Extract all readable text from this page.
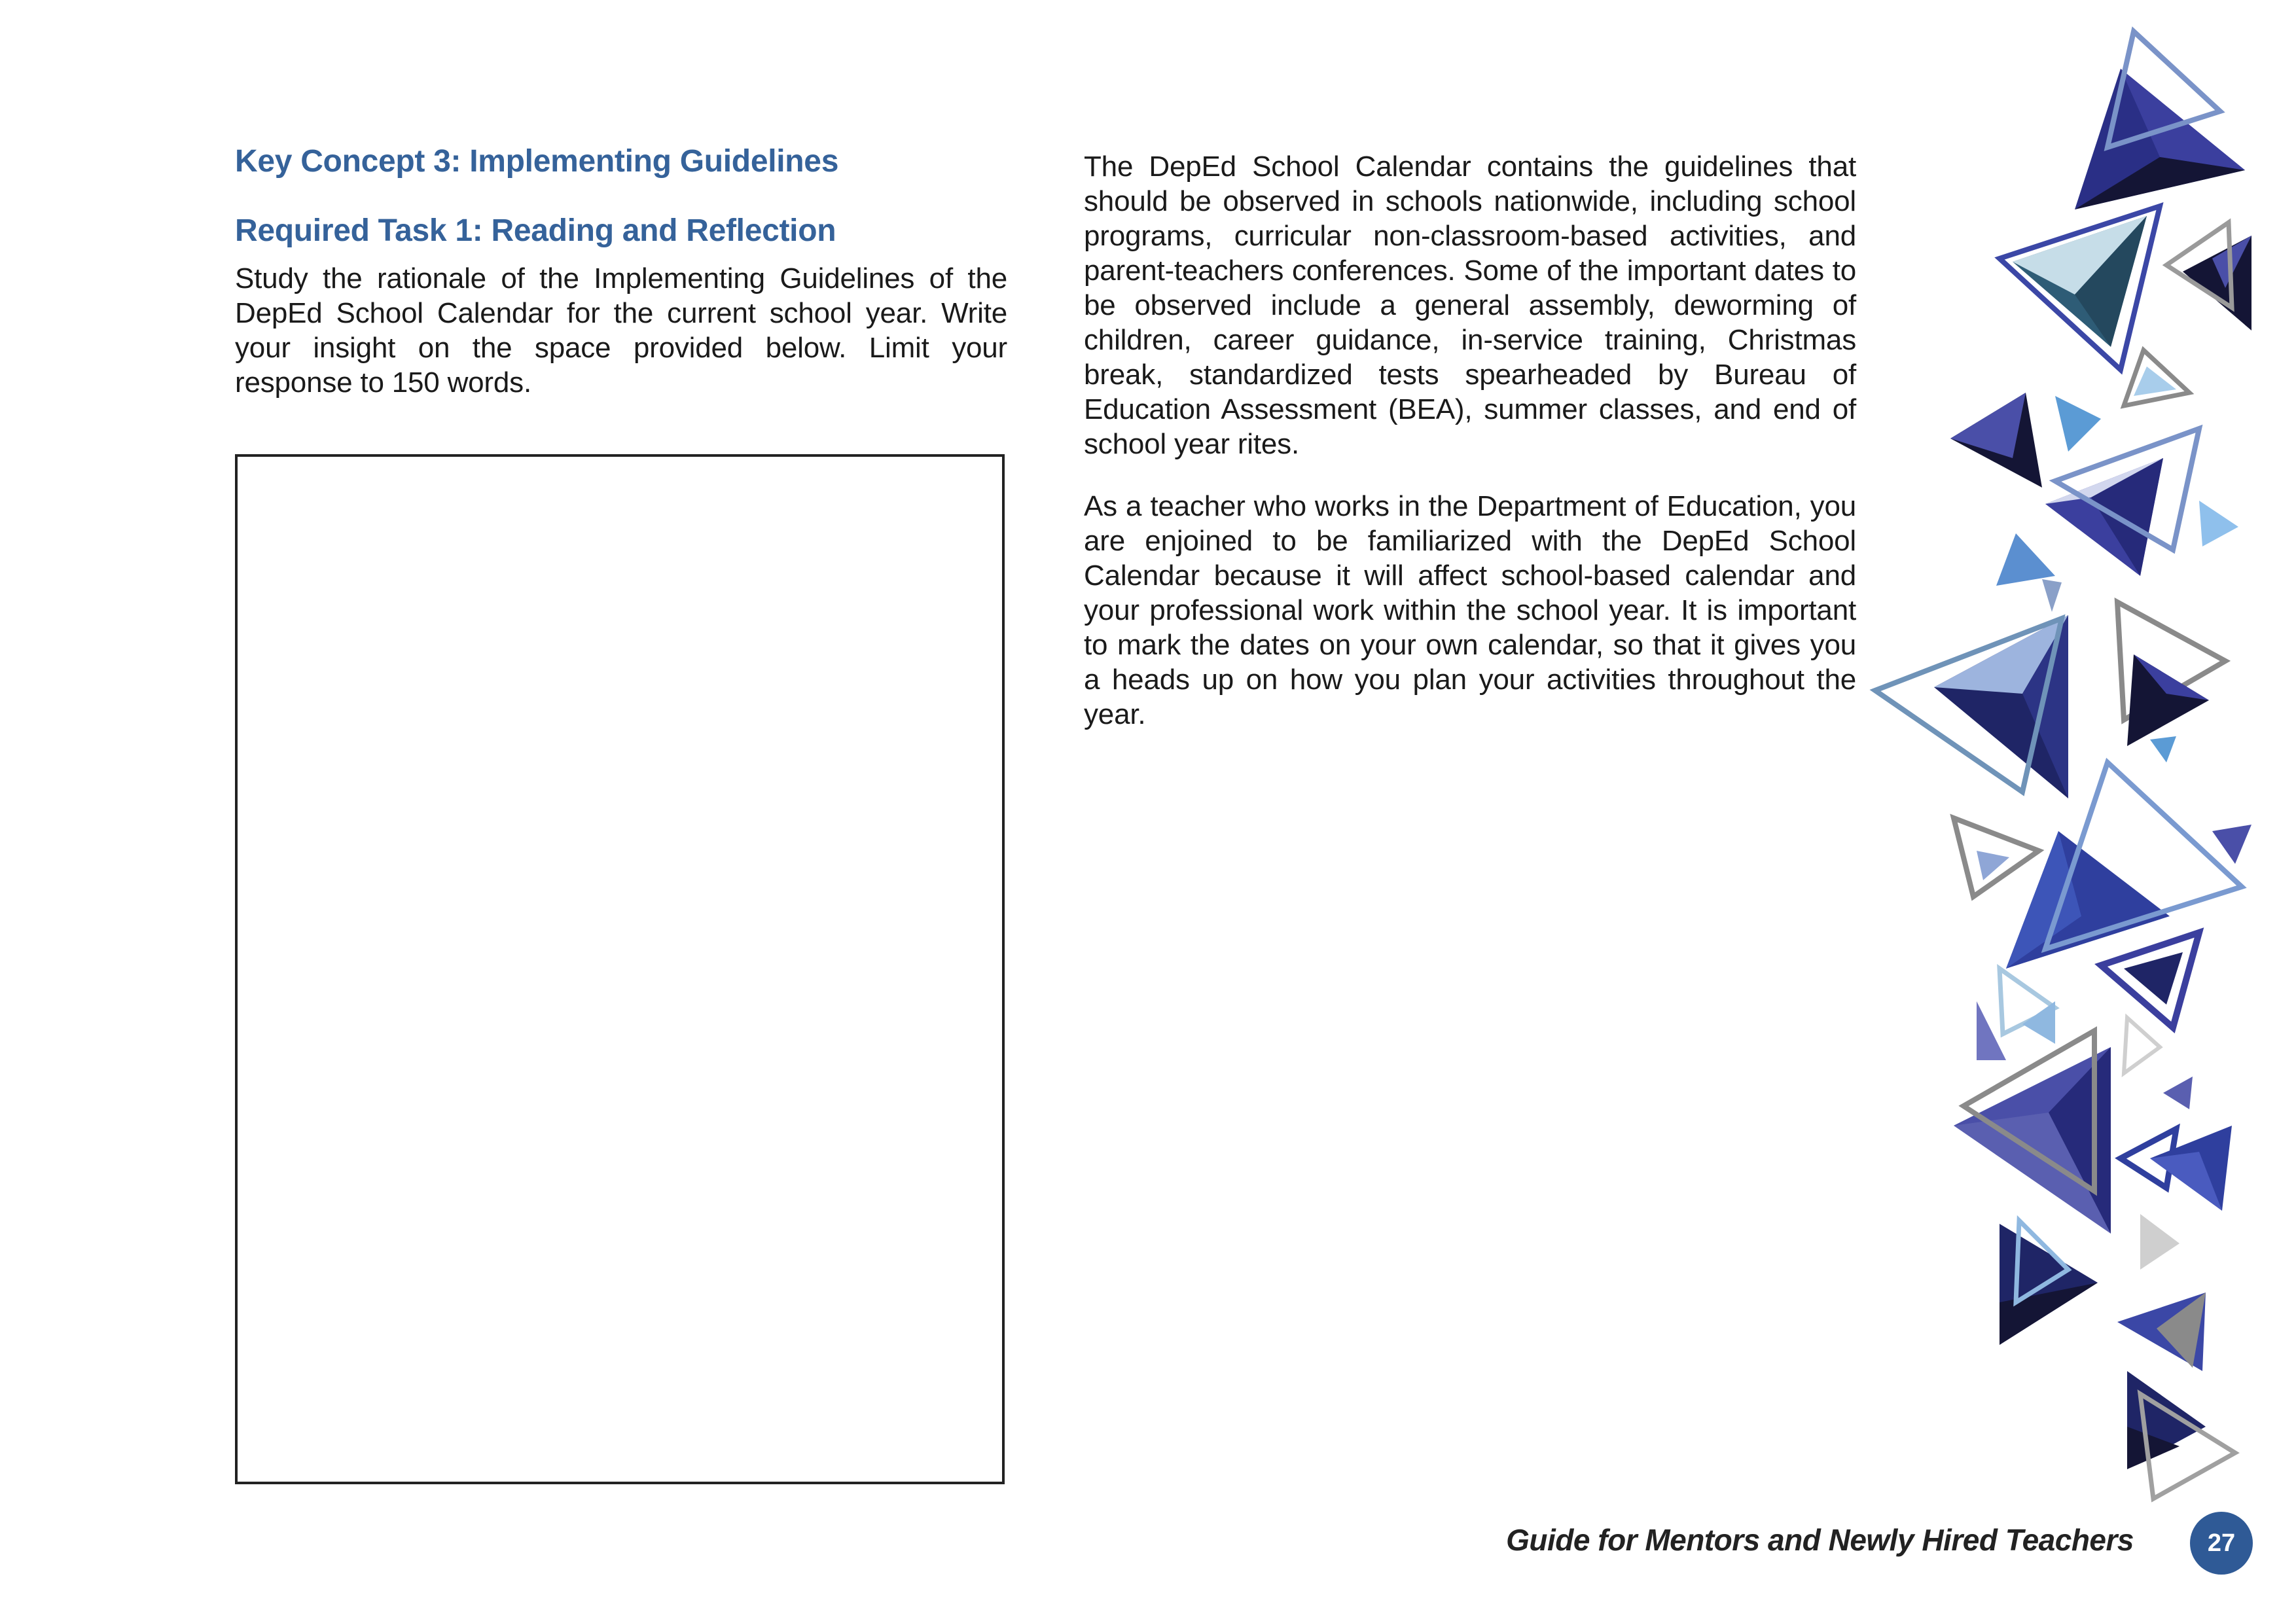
Key Concept 3: Implementing Guidelines
Required Task 1: Reading and Reflection

Study the rationale of the Implementing Guidelines of the DepEd School Calendar for the current school year. Write your insight on the space provided below. Limit your response to 150 words.

The DepEd School Calendar contains the guidelines that should be observed in schools nationwide, including school programs, curricular non-classroom-based activities, and parent-teachers conferences. Some of the important dates to be observed include a general assembly, deworming of children, career guidance, in-service training, Christmas break, standardized tests spearheaded by Bureau of Education Assessment (BEA), summer classes, and end of school year rites.

As a teacher who works in the Department of Education, you are enjoined to be familiarized with the DepEd School Calendar because it will affect school-based calendar and your professional work within the school year. It is important to mark the dates on your own calendar, so that it gives you a heads up on how you plan your activities throughout the year.

Guide for Mentors and Newly Hired Teachers	27
